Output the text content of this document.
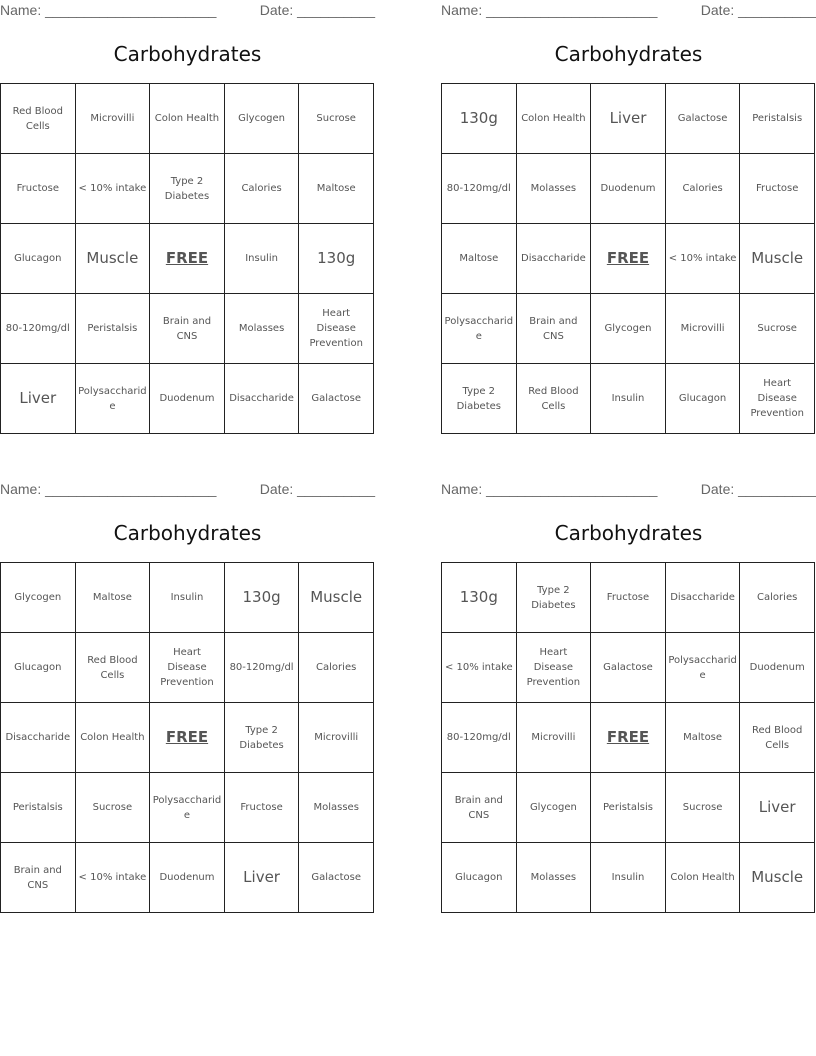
Name: ______________________	Date: __________
Carbohydrates
Red Blood Cells	Microvilli	Colon Health	Glycogen	Sucrose
Fructose	< 10% intake	Type 2 Diabetes	Calories	Maltose
Glucagon	Muscle	FREE	Insulin	130g
80-120mg/dl	Peristalsis	Brain and CNS	Molasses	Heart Disease Prevention
Liver	Polysaccharide	Duodenum	Disaccharide	Galactose
Name: ______________________	Date: __________
Carbohydrates
130g	Colon Health	Liver	Galactose	Peristalsis
80-120mg/dl	Molasses	Duodenum	Calories	Fructose
Maltose	Disaccharide	FREE	< 10% intake	Muscle
Polysaccharide	Brain and CNS	Glycogen	Microvilli	Sucrose
Type 2 Diabetes	Red Blood Cells	Insulin	Glucagon	Heart Disease Prevention
Name: ______________________	Date: __________
Carbohydrates
Glycogen	Maltose	Insulin	130g	Muscle
Glucagon	Red Blood Cells	Heart Disease Prevention	80-120mg/dl	Calories
Disaccharide	Colon Health	FREE	Type 2 Diabetes	Microvilli
Peristalsis	Sucrose	Polysaccharide	Fructose	Molasses
Brain and CNS	< 10% intake	Duodenum	Liver	Galactose
Name: ______________________	Date: __________
Carbohydrates
130g	Type 2 Diabetes	Fructose	Disaccharide	Calories
< 10% intake	Heart Disease Prevention	Galactose	Polysaccharide	Duodenum
80-120mg/dl	Microvilli	FREE	Maltose	Red Blood Cells
Brain and CNS	Glycogen	Peristalsis	Sucrose	Liver
Glucagon	Molasses	Insulin	Colon Health	Muscle
